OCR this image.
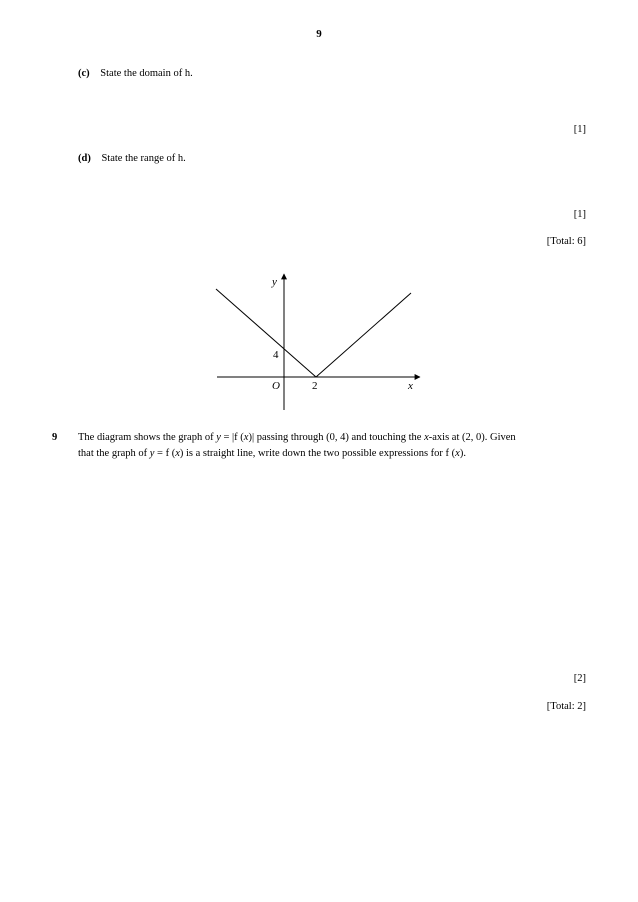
9
(c) State the domain of h.
[1]
(d) State the range of h.
[1]
[Total: 6]
y
x
O
4
2
9 The diagram shows the graph of y = |f (x)| passing through (0, 4) and touching the x-axis at (2, 0). Given
that the graph of y = f (x) is a straight line, write down the two possible expressions for f (x).
[2]
[Total: 2]
